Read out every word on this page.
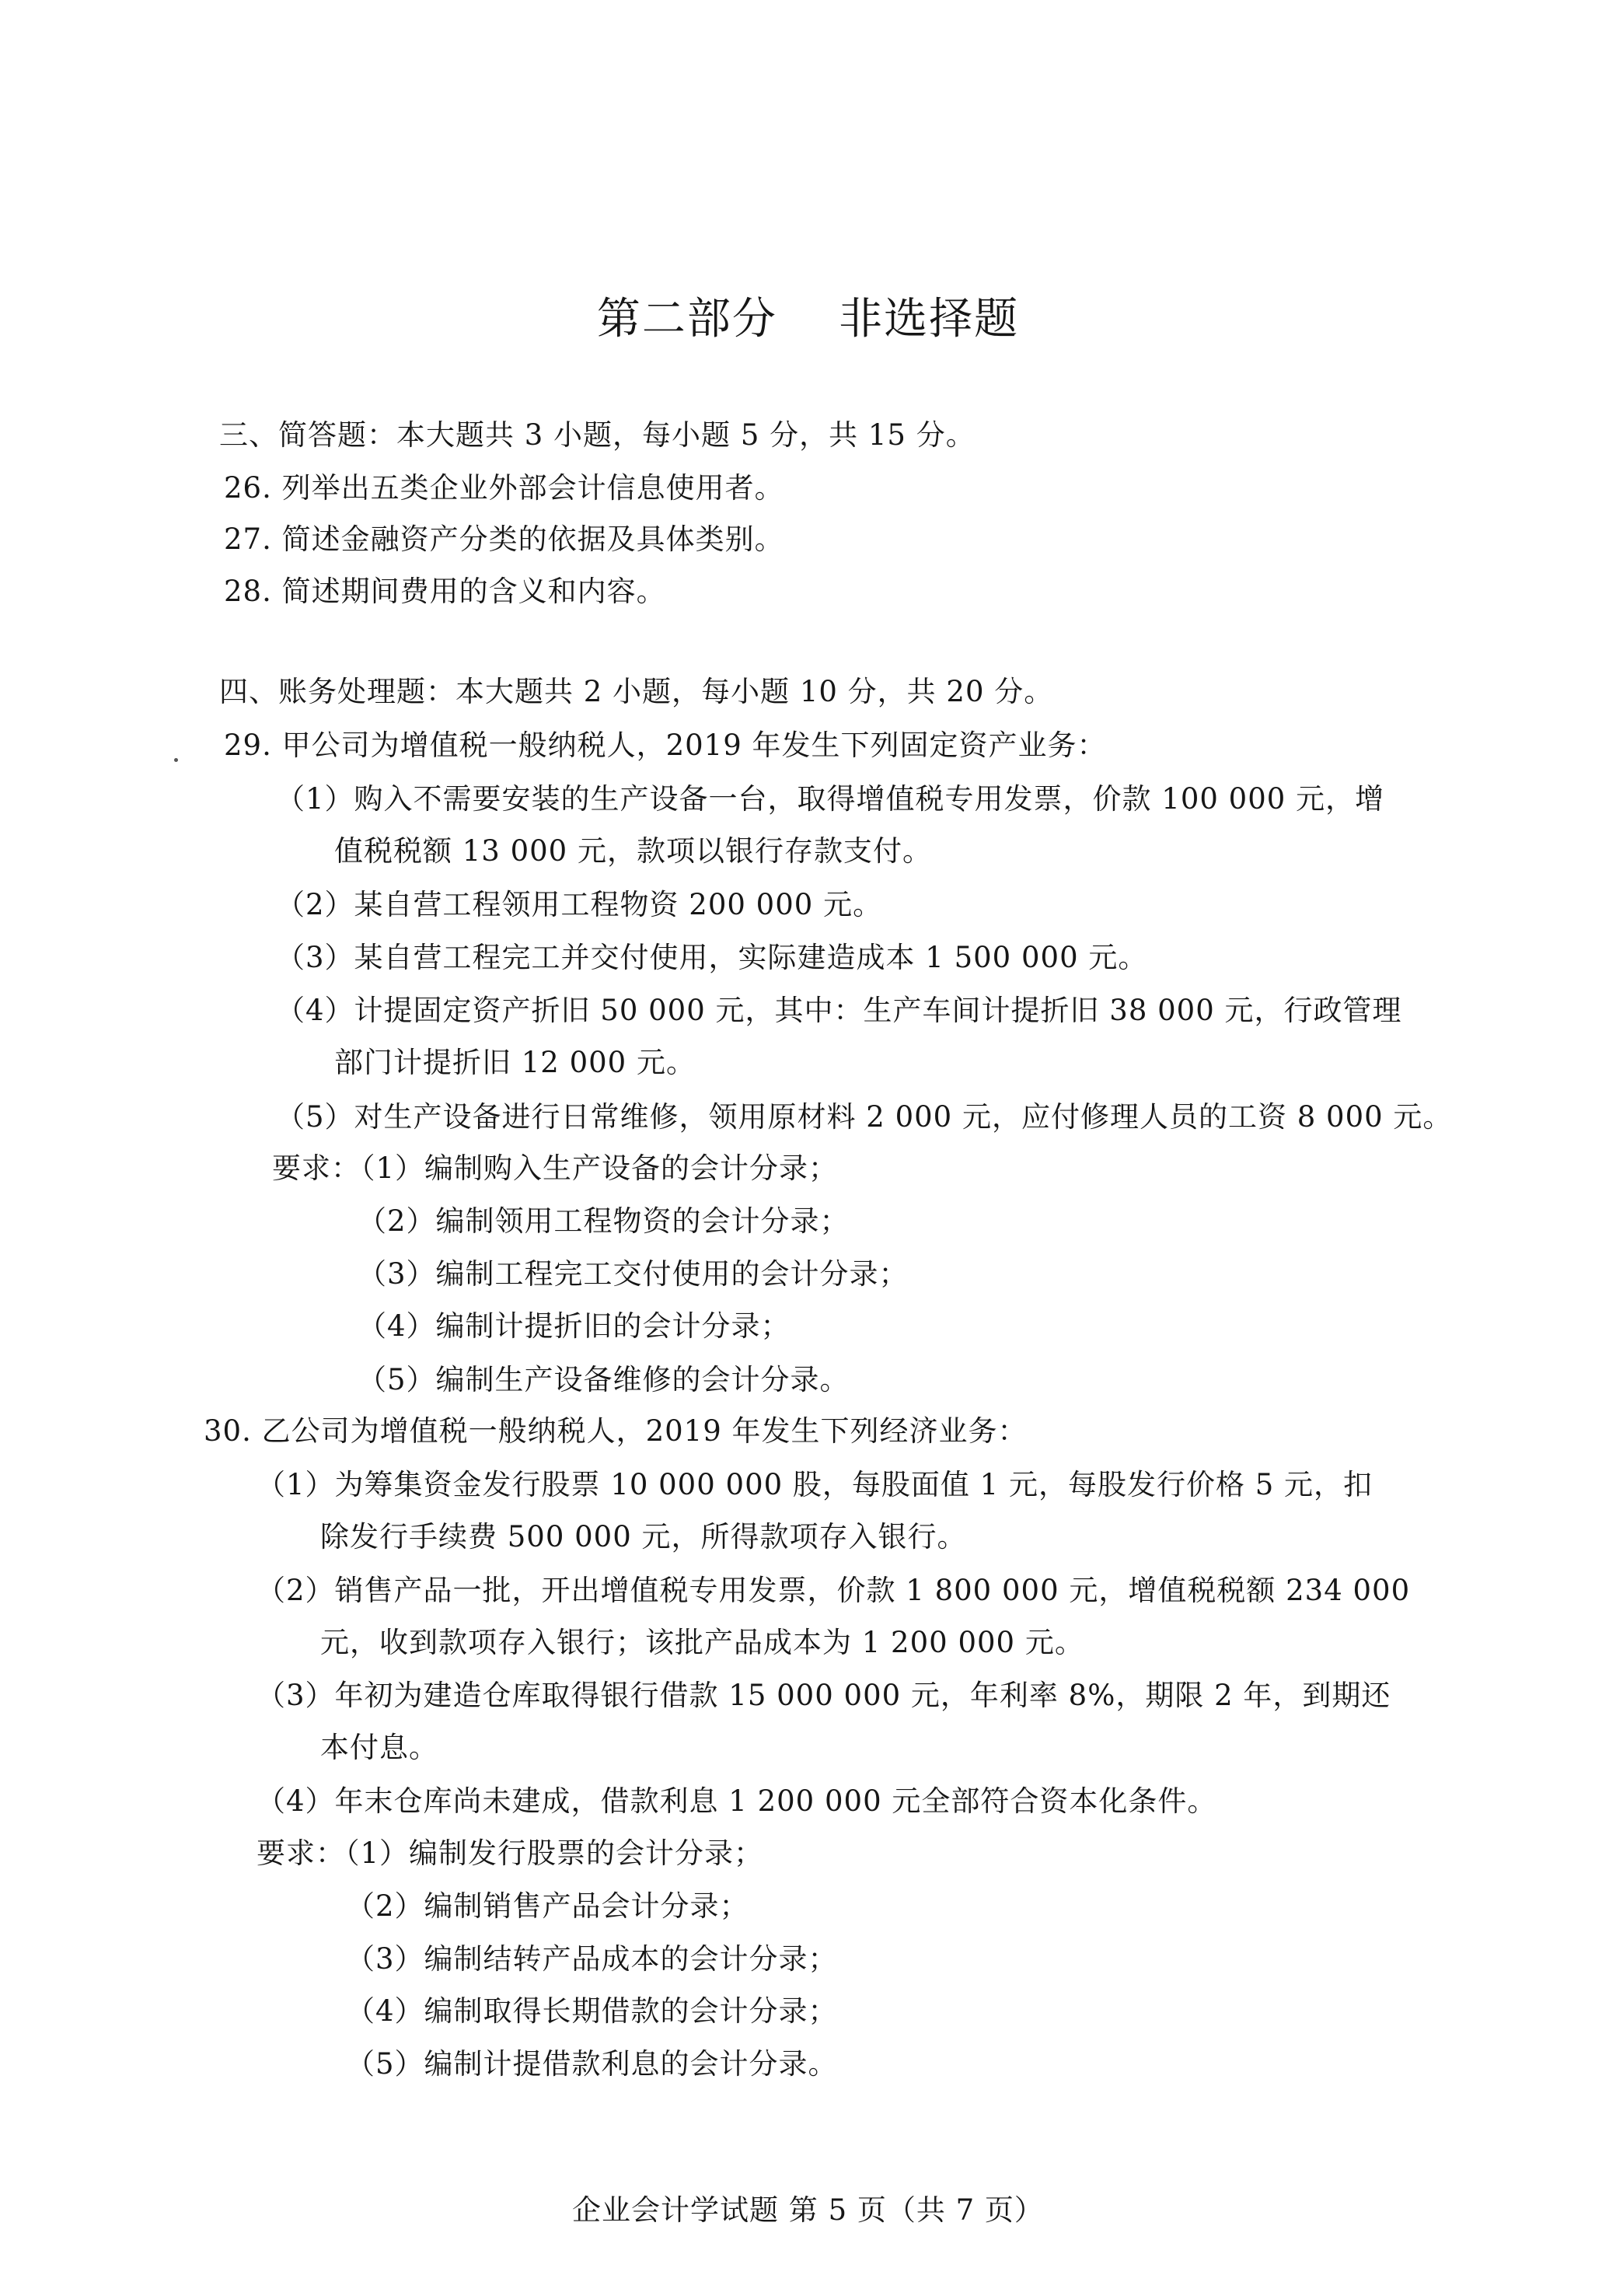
第二部分    非选择题
三、简答题：本大题共 3 小题，每小题 5 分，共 15 分。
26. 列举出五类企业外部会计信息使用者。
27. 简述金融资产分类的依据及具体类别。
28. 简述期间费用的含义和内容。
四、账务处理题：本大题共 2 小题，每小题 10 分，共 20 分。
29. 甲公司为增值税一般纳税人，2019 年发生下列固定资产业务：
（1）购入不需要安装的生产设备一台，取得增值税专用发票，价款 100 000 元，增
值税税额 13 000 元，款项以银行存款支付。
（2）某自营工程领用工程物资 200 000 元。
（3）某自营工程完工并交付使用，实际建造成本 1 500 000 元。
（4）计提固定资产折旧 50 000 元，其中：生产车间计提折旧 38 000 元，行政管理
部门计提折旧 12 000 元。
（5）对生产设备进行日常维修，领用原材料 2 000 元，应付修理人员的工资 8 000 元。
要求：（1）编制购入生产设备的会计分录；
（2）编制领用工程物资的会计分录；
（3）编制工程完工交付使用的会计分录；
（4）编制计提折旧的会计分录；
（5）编制生产设备维修的会计分录。
30. 乙公司为增值税一般纳税人，2019 年发生下列经济业务：
（1）为筹集资金发行股票 10 000 000 股，每股面值 1 元，每股发行价格 5 元，扣
除发行手续费 500 000 元，所得款项存入银行。
（2）销售产品一批，开出增值税专用发票，价款 1 800 000 元，增值税税额 234 000
元，收到款项存入银行；该批产品成本为 1 200 000 元。
（3）年初为建造仓库取得银行借款 15 000 000 元，年利率 8%，期限 2 年，到期还
本付息。
（4）年末仓库尚未建成，借款利息 1 200 000 元全部符合资本化条件。
要求：（1）编制发行股票的会计分录；
（2）编制销售产品会计分录；
（3）编制结转产品成本的会计分录；
（4）编制取得长期借款的会计分录；
（5）编制计提借款利息的会计分录。
企业会计学试题 第 5 页（共 7 页）
